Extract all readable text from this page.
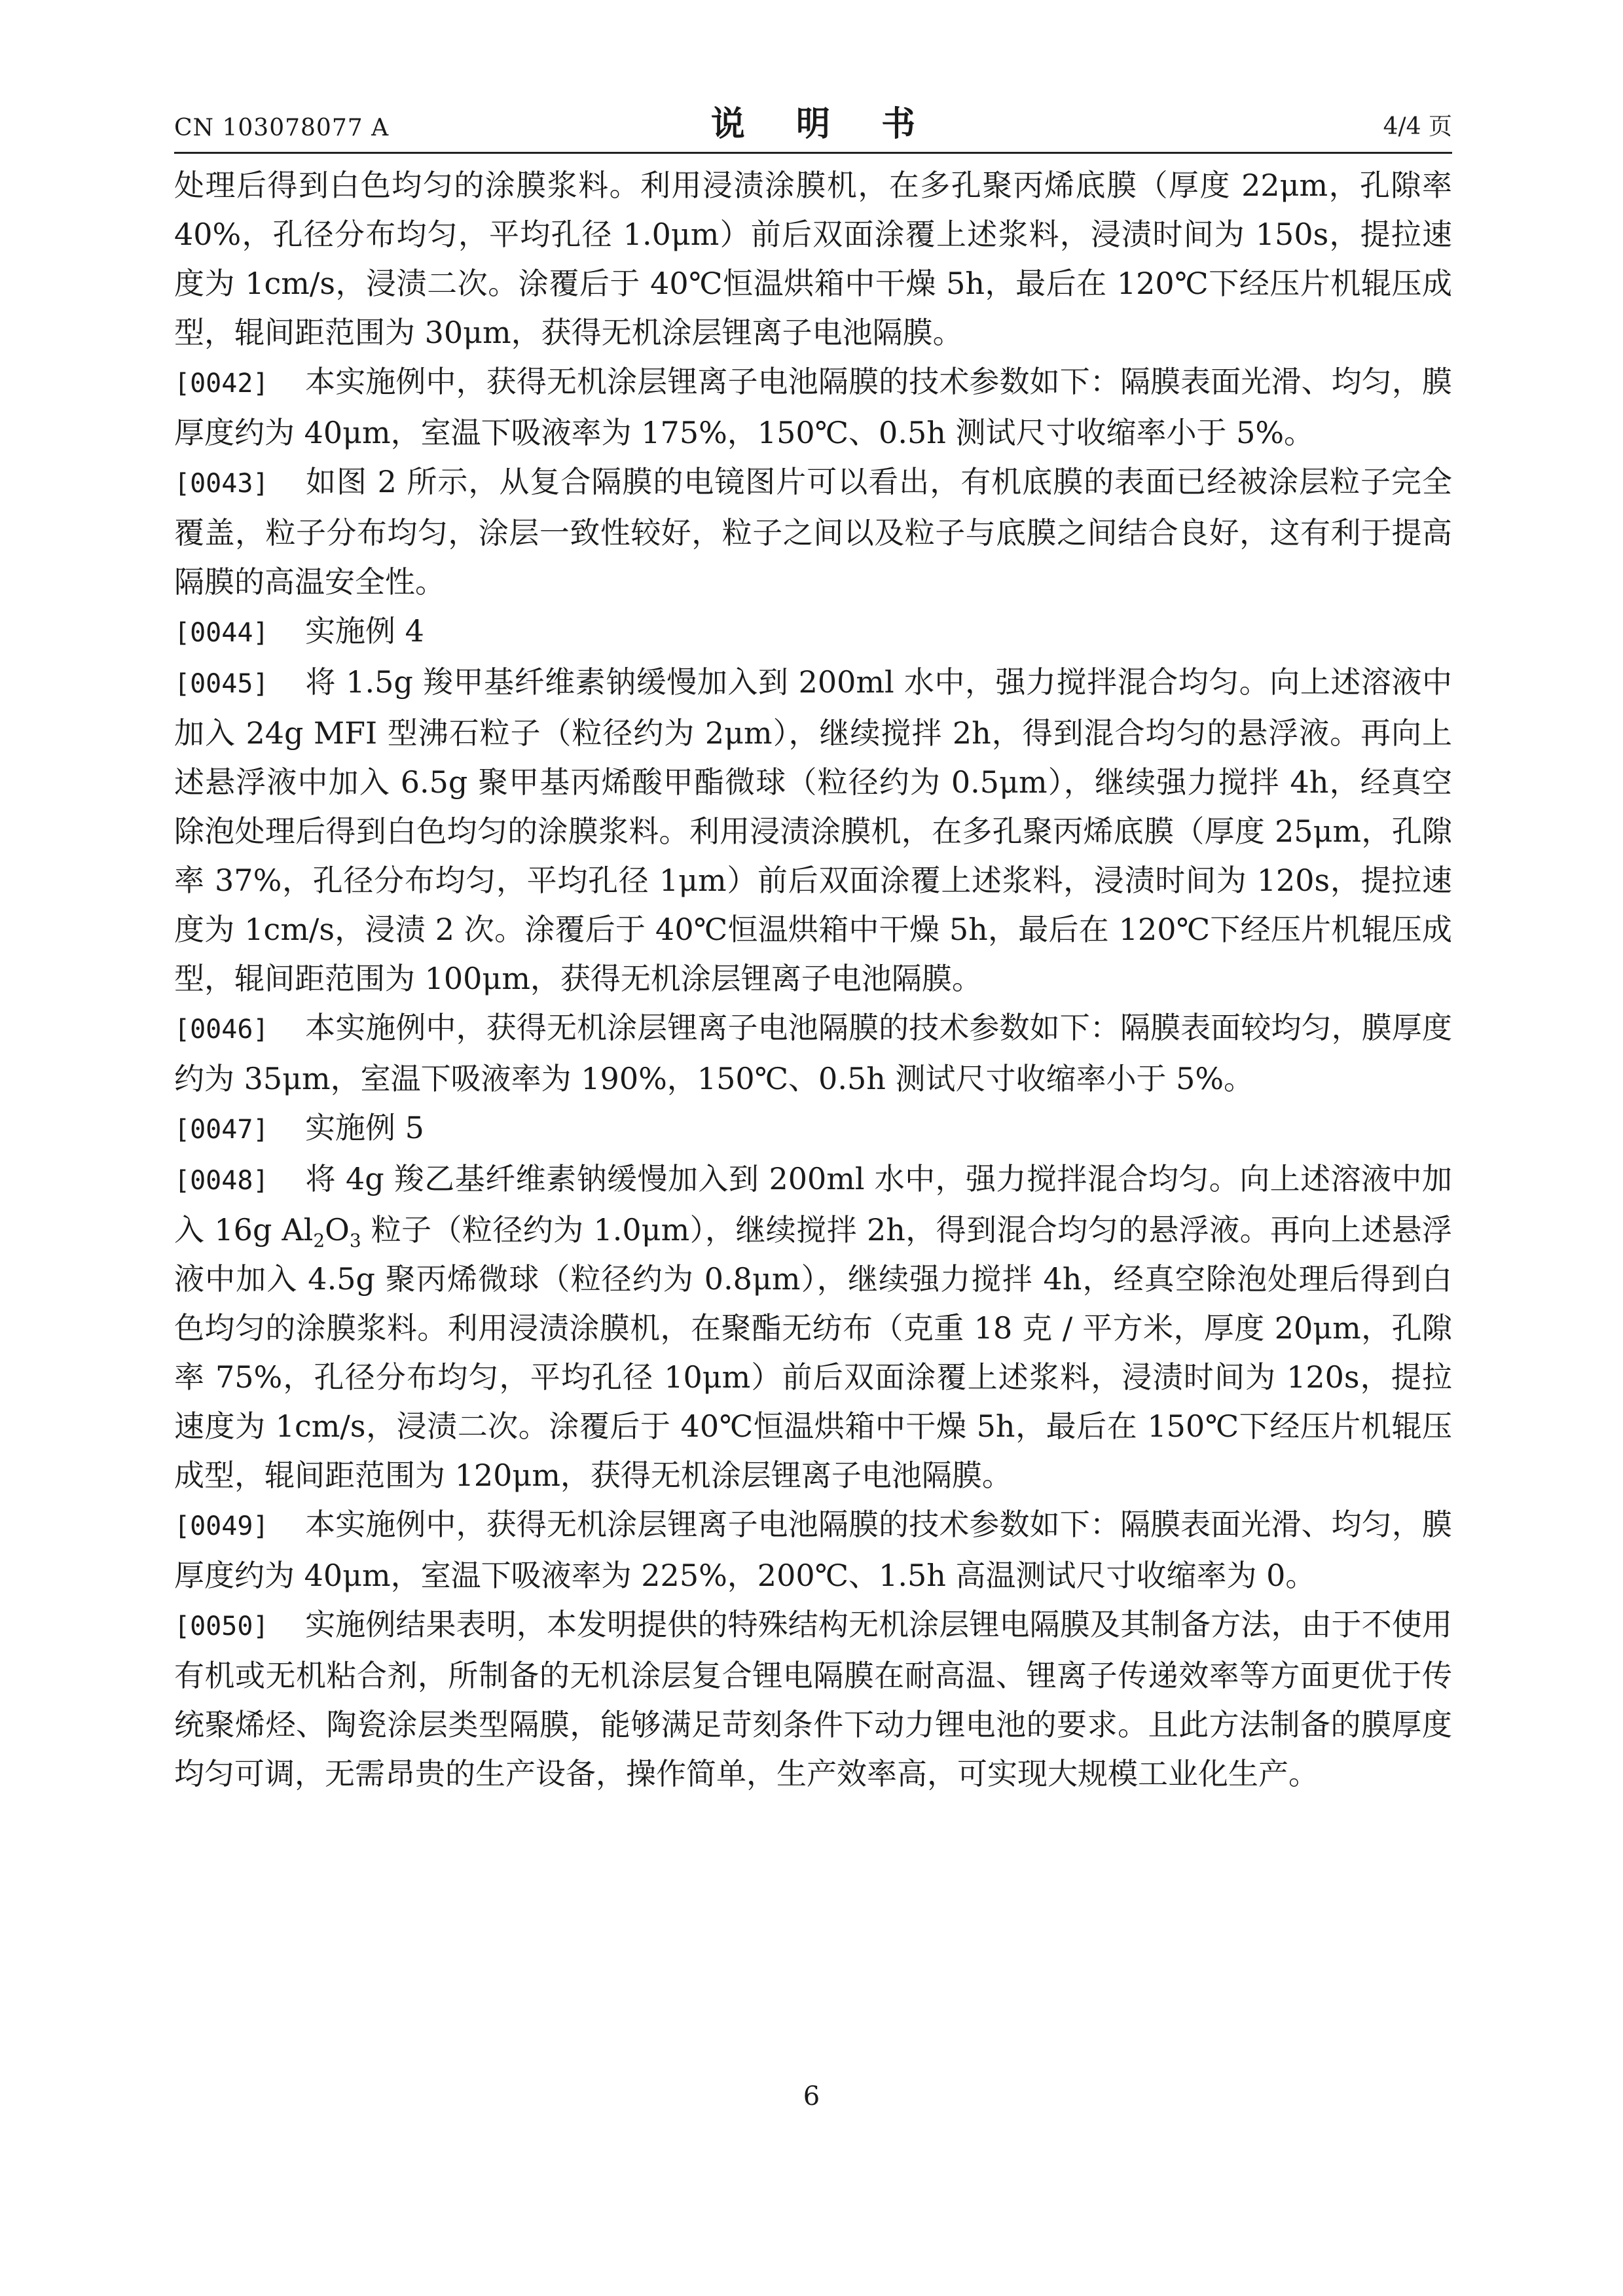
CN 103078077 A	说 明 书	4/4 页

处理后得到白色均匀的涂膜浆料。利用浸渍涂膜机，在多孔聚丙烯底膜（厚度 22μm，孔隙率 40%，孔径分布均匀，平均孔径 1.0μm）前后双面涂覆上述浆料，浸渍时间为 150s，提拉速度为 1cm/s，浸渍二次。涂覆后于 40℃恒温烘箱中干燥 5h，最后在 120℃下经压片机辊压成型，辊间距范围为 30μm，获得无机涂层锂离子电池隔膜。

[0042] 本实施例中，获得无机涂层锂离子电池隔膜的技术参数如下：隔膜表面光滑、均匀，膜厚度约为 40μm，室温下吸液率为 175%，150℃、0.5h 测试尺寸收缩率小于 5%。

[0043] 如图 2 所示，从复合隔膜的电镜图片可以看出，有机底膜的表面已经被涂层粒子完全覆盖，粒子分布均匀，涂层一致性较好，粒子之间以及粒子与底膜之间结合良好，这有利于提高隔膜的高温安全性。

[0044] 实施例 4

[0045] 将 1.5g 羧甲基纤维素钠缓慢加入到 200ml 水中，强力搅拌混合均匀。向上述溶液中加入 24g MFI 型沸石粒子（粒径约为 2μm），继续搅拌 2h，得到混合均匀的悬浮液。再向上述悬浮液中加入 6.5g 聚甲基丙烯酸甲酯微球（粒径约为 0.5μm），继续强力搅拌 4h，经真空除泡处理后得到白色均匀的涂膜浆料。利用浸渍涂膜机，在多孔聚丙烯底膜（厚度 25μm，孔隙率 37%，孔径分布均匀，平均孔径 1μm）前后双面涂覆上述浆料，浸渍时间为 120s，提拉速度为 1cm/s，浸渍 2 次。涂覆后于 40℃恒温烘箱中干燥 5h，最后在 120℃下经压片机辊压成型，辊间距范围为 100μm，获得无机涂层锂离子电池隔膜。

[0046] 本实施例中，获得无机涂层锂离子电池隔膜的技术参数如下：隔膜表面较均匀，膜厚度约为 35μm，室温下吸液率为 190%，150℃、0.5h 测试尺寸收缩率小于 5%。

[0047] 实施例 5

[0048] 将 4g 羧乙基纤维素钠缓慢加入到 200ml 水中，强力搅拌混合均匀。向上述溶液中加入 16g $Al_2O_3$ 粒子（粒径约为 1.0μm），继续搅拌 2h，得到混合均匀的悬浮液。再向上述悬浮液中加入 4.5g 聚丙烯微球（粒径约为 0.8μm），继续强力搅拌 4h，经真空除泡处理后得到白色均匀的涂膜浆料。利用浸渍涂膜机，在聚酯无纺布（克重 18 克 / 平方米，厚度 20μm，孔隙率 75%，孔径分布均匀，平均孔径 10μm）前后双面涂覆上述浆料，浸渍时间为 120s，提拉速度为 1cm/s，浸渍二次。涂覆后于 40℃恒温烘箱中干燥 5h，最后在 150℃下经压片机辊压成型，辊间距范围为 120μm，获得无机涂层锂离子电池隔膜。

[0049] 本实施例中，获得无机涂层锂离子电池隔膜的技术参数如下：隔膜表面光滑、均匀，膜厚度约为 40μm，室温下吸液率为 225%，200℃、1.5h 高温测试尺寸收缩率为 0。

[0050] 实施例结果表明，本发明提供的特殊结构无机涂层锂电隔膜及其制备方法，由于不使用有机或无机粘合剂，所制备的无机涂层复合锂电隔膜在耐高温、锂离子传递效率等方面更优于传统聚烯烃、陶瓷涂层类型隔膜，能够满足苛刻条件下动力锂电池的要求。且此方法制备的膜厚度均匀可调，无需昂贵的生产设备，操作简单，生产效率高，可实现大规模工业化生产。

6
